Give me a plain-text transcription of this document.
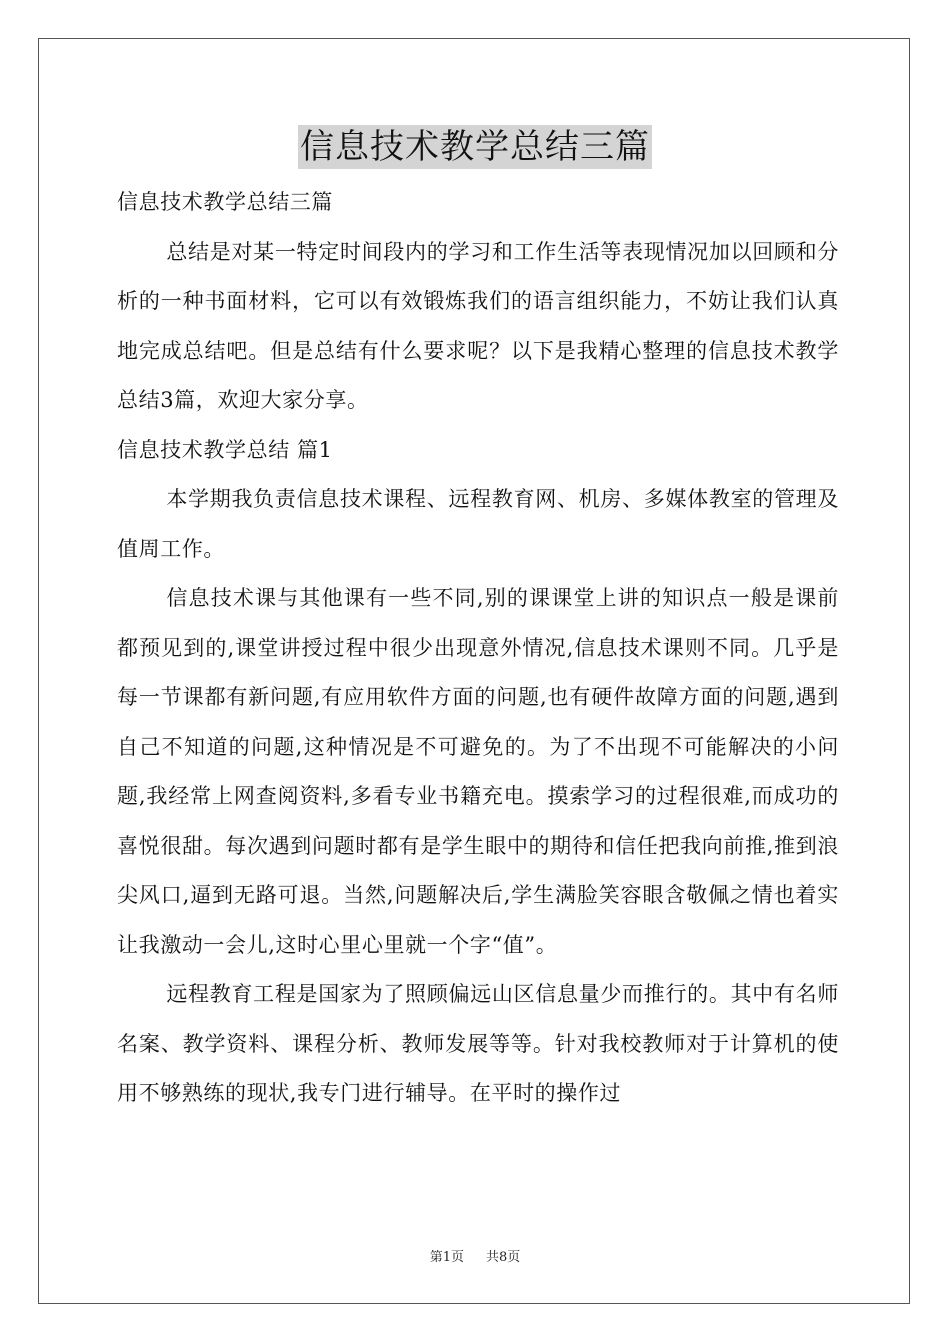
信息技术教学总结三篇

信息技术教学总结三篇

总结是对某一特定时间段内的学习和工作生活等表现情况加以回顾和分析的一种书面材料，它可以有效锻炼我们的语言组织能力，不妨让我们认真地完成总结吧。但是总结有什么要求呢？以下是我精心整理的信息技术教学总结3篇，欢迎大家分享。

信息技术教学总结 篇1

本学期我负责信息技术课程、远程教育网、机房、多媒体教室的管理及值周工作。

信息技术课与其他课有一些不同,别的课课堂上讲的知识点一般是课前都预见到的,课堂讲授过程中很少出现意外情况,信息技术课则不同。几乎是每一节课都有新问题,有应用软件方面的问题,也有硬件故障方面的问题,遇到自己不知道的问题,这种情况是不可避免的。为了不出现不可能解决的小问题,我经常上网查阅资料,多看专业书籍充电。摸索学习的过程很难,而成功的喜悦很甜。每次遇到问题时都有是学生眼中的期待和信任把我向前推,推到浪尖风口,逼到无路可退。当然,问题解决后,学生满脸笑容眼含敬佩之情也着实让我激动一会儿,这时心里心里就一个字“值”。

远程教育工程是国家为了照顾偏远山区信息量少而推行的。其中有名师名案、教学资料、课程分析、教师发展等等。针对我校教师对于计算机的使用不够熟练的现状,我专门进行辅导。在平时的操作过

第1页 共8页
